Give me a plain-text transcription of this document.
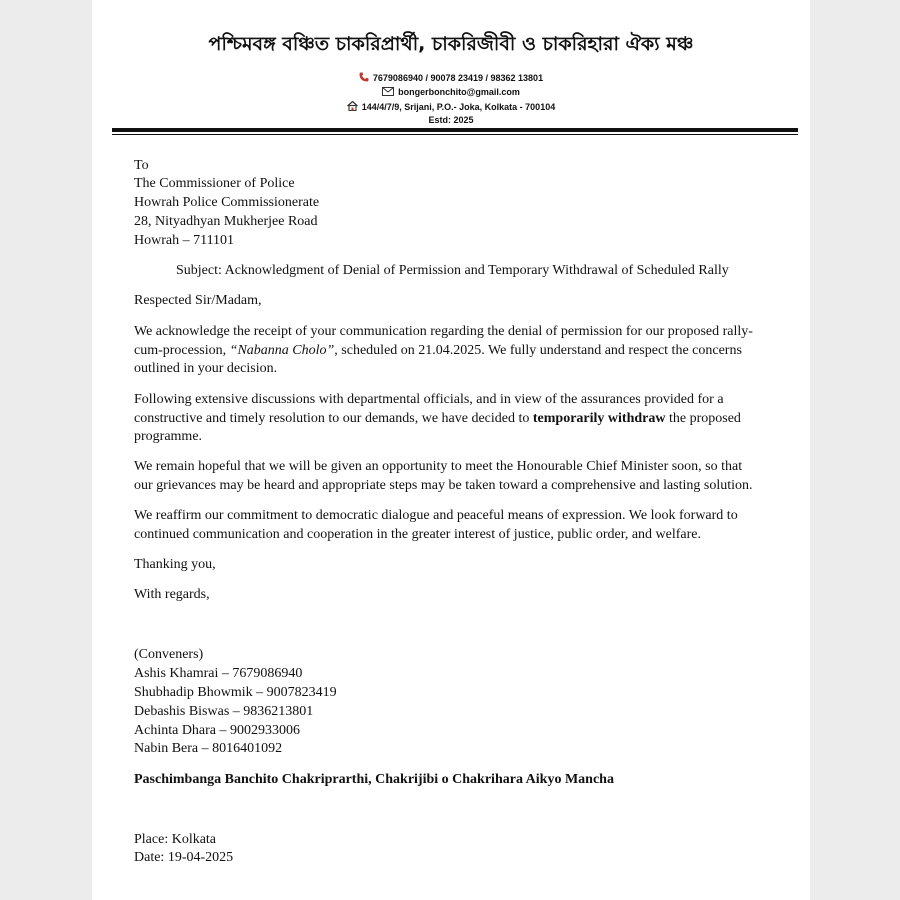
পশ্চিমবঙ্গ বঞ্চিত চাকরিপ্রার্থী, চাকরিজীবী ও চাকরিহারা ঐক্য মঞ্চ
7679086940 / 90078 23419 / 98362 13801
bongerbonchito@gmail.com
144/4/7/9, Srijani, P.O.- Joka, Kolkata - 700104
Estd: 2025
To
The Commissioner of Police
Howrah Police Commissionerate
28, Nityadhyan Mukherjee Road
Howrah – 711101
Subject: Acknowledgment of Denial of Permission and Temporary Withdrawal of Scheduled Rally
Respected Sir/Madam,
We acknowledge the receipt of your communication regarding the denial of permission for our proposed rally-cum-procession, “Nabanna Cholo”, scheduled on 21.04.2025. We fully understand and respect the concerns outlined in your decision.
Following extensive discussions with departmental officials, and in view of the assurances provided for a constructive and timely resolution to our demands, we have decided to temporarily withdraw the proposed programme.
We remain hopeful that we will be given an opportunity to meet the Honourable Chief Minister soon, so that our grievances may be heard and appropriate steps may be taken toward a comprehensive and lasting solution.
We reaffirm our commitment to democratic dialogue and peaceful means of expression. We look forward to continued communication and cooperation in the greater interest of justice, public order, and welfare.
Thanking you,
With regards,
(Conveners)
Ashis Khamrai – 7679086940
Shubhadip Bhowmik – 9007823419
Debashis Biswas – 9836213801
Achinta Dhara – 9002933006
Nabin Bera – 8016401092
Paschimbanga Banchito Chakriprarthi, Chakrijibi o Chakrihara Aikyo Mancha
Place: Kolkata
Date: 19-04-2025
